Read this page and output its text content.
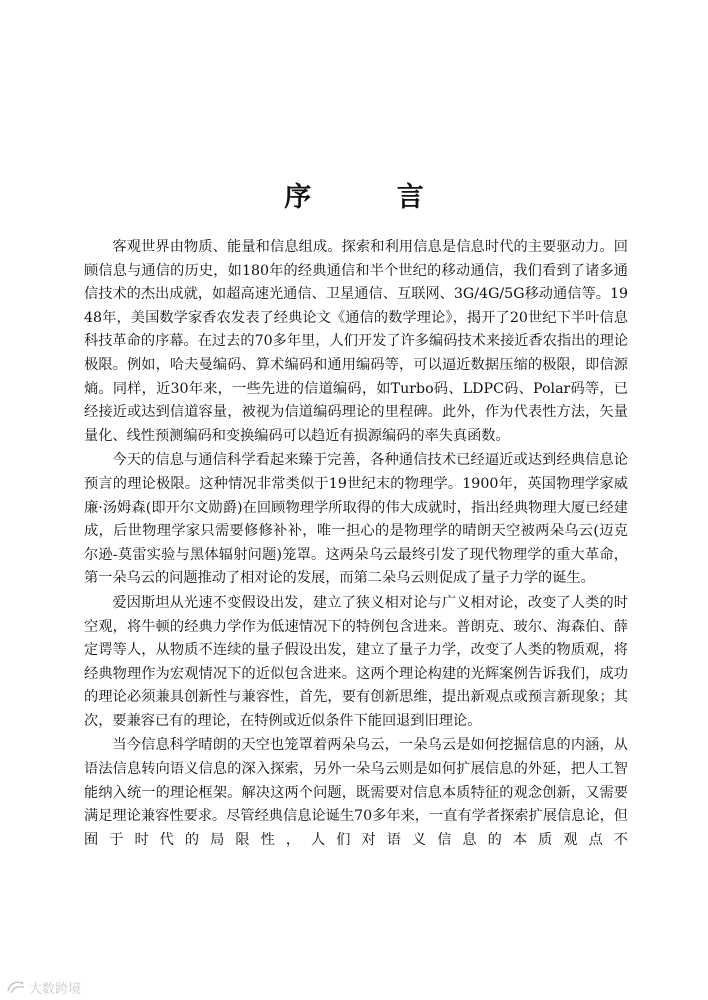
序 言

客观世界由物质、能量和信息组成。探索和利用信息是信息时代的主要驱动力。回顾信息与通信的历史，如180年的经典通信和半个世纪的移动通信，我们看到了诸多通信技术的杰出成就，如超高速光通信、卫星通信、互联网、3G/4G/5G移动通信等。1948年，美国数学家香农发表了经典论文《通信的数学理论》，揭开了20世纪下半叶信息科技革命的序幕。在过去的70多年里，人们开发了许多编码技术来接近香农指出的理论极限。例如，哈夫曼编码、算术编码和通用编码等，可以逼近数据压缩的极限，即信源熵。同样，近30年来，一些先进的信道编码，如Turbo码、LDPC码、Polar码等，已经接近或达到信道容量，被视为信道编码理论的里程碑。此外，作为代表性方法，矢量量化、线性预测编码和变换编码可以趋近有损源编码的率失真函数。

今天的信息与通信科学看起来臻于完善，各种通信技术已经逼近或达到经典信息论预言的理论极限。这种情况非常类似于19世纪末的物理学。1900年，英国物理学家威廉·汤姆森(即开尔文勋爵)在回顾物理学所取得的伟大成就时，指出经典物理大厦已经建成，后世物理学家只需要修修补补，唯一担心的是物理学的晴朗天空被两朵乌云(迈克尔逊-莫雷实验与黑体辐射问题)笼罩。这两朵乌云最终引发了现代物理学的重大革命，第一朵乌云的问题推动了相对论的发展，而第二朵乌云则促成了量子力学的诞生。

爱因斯坦从光速不变假设出发，建立了狭义相对论与广义相对论，改变了人类的时空观，将牛顿的经典力学作为低速情况下的特例包含进来。普朗克、玻尔、海森伯、薛定谔等人，从物质不连续的量子假设出发，建立了量子力学，改变了人类的物质观，将经典物理作为宏观情况下的近似包含进来。这两个理论构建的光辉案例告诉我们，成功的理论必须兼具创新性与兼容性，首先，要有创新思维，提出新观点或预言新现象；其次，要兼容已有的理论，在特例或近似条件下能回退到旧理论。

当今信息科学晴朗的天空也笼罩着两朵乌云，一朵乌云是如何挖掘信息的内涵，从语法信息转向语义信息的深入探索，另外一朵乌云则是如何扩展信息的外延，把人工智能纳入统一的理论框架。解决这两个问题，既需要对信息本质特征的观念创新，又需要满足理论兼容性要求。尽管经典信息论诞生70多年来，一直有学者探索扩展信息论，但囿于时代的局限性，人们对语义信息的本质观点不

大数跨境
